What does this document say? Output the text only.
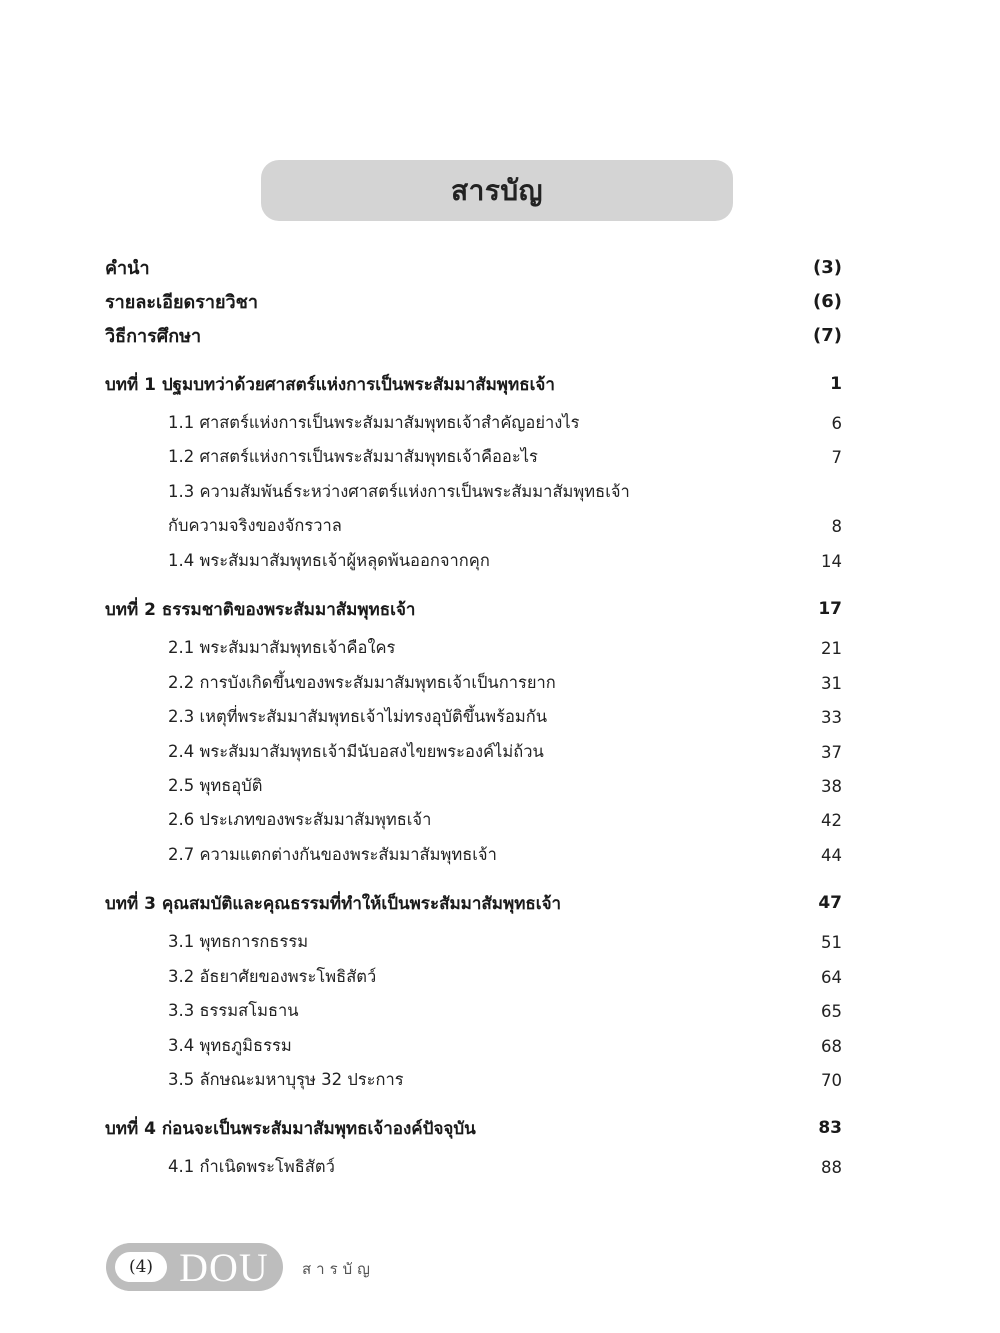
สารบัญ
คำนำ	(3)
รายละเอียดรายวิชา	(6)
วิธีการศึกษา	(7)
บทที่ 1 ปฐมบทว่าด้วยศาสตร์แห่งการเป็นพระสัมมาสัมพุทธเจ้า	1
1.1 ศาสตร์แห่งการเป็นพระสัมมาสัมพุทธเจ้าสำคัญอย่างไร	6
1.2 ศาสตร์แห่งการเป็นพระสัมมาสัมพุทธเจ้าคืออะไร	7
1.3 ความสัมพันธ์ระหว่างศาสตร์แห่งการเป็นพระสัมมาสัมพุทธเจ้า
กับความจริงของจักรวาล	8
1.4 พระสัมมาสัมพุทธเจ้าผู้หลุดพ้นออกจากคุก	14
บทที่ 2 ธรรมชาติของพระสัมมาสัมพุทธเจ้า	17
2.1 พระสัมมาสัมพุทธเจ้าคือใคร	21
2.2 การบังเกิดขึ้นของพระสัมมาสัมพุทธเจ้าเป็นการยาก	31
2.3 เหตุที่พระสัมมาสัมพุทธเจ้าไม่ทรงอุบัติขึ้นพร้อมกัน	33
2.4 พระสัมมาสัมพุทธเจ้ามีนับอสงไขยพระองค์ไม่ถ้วน	37
2.5 พุทธอุบัติ	38
2.6 ประเภทของพระสัมมาสัมพุทธเจ้า	42
2.7 ความแตกต่างกันของพระสัมมาสัมพุทธเจ้า	44
บทที่ 3 คุณสมบัติและคุณธรรมที่ทำให้เป็นพระสัมมาสัมพุทธเจ้า	47
3.1 พุทธการกธรรม	51
3.2 อัธยาศัยของพระโพธิสัตว์	64
3.3 ธรรมสโมธาน	65
3.4 พุทธภูมิธรรม	68
3.5 ลักษณะมหาบุรุษ 32 ประการ	70
บทที่ 4 ก่อนจะเป็นพระสัมมาสัมพุทธเจ้าองค์ปัจจุบัน	83
4.1 กำเนิดพระโพธิสัตว์	88
(4) DOU	สารบัญ
